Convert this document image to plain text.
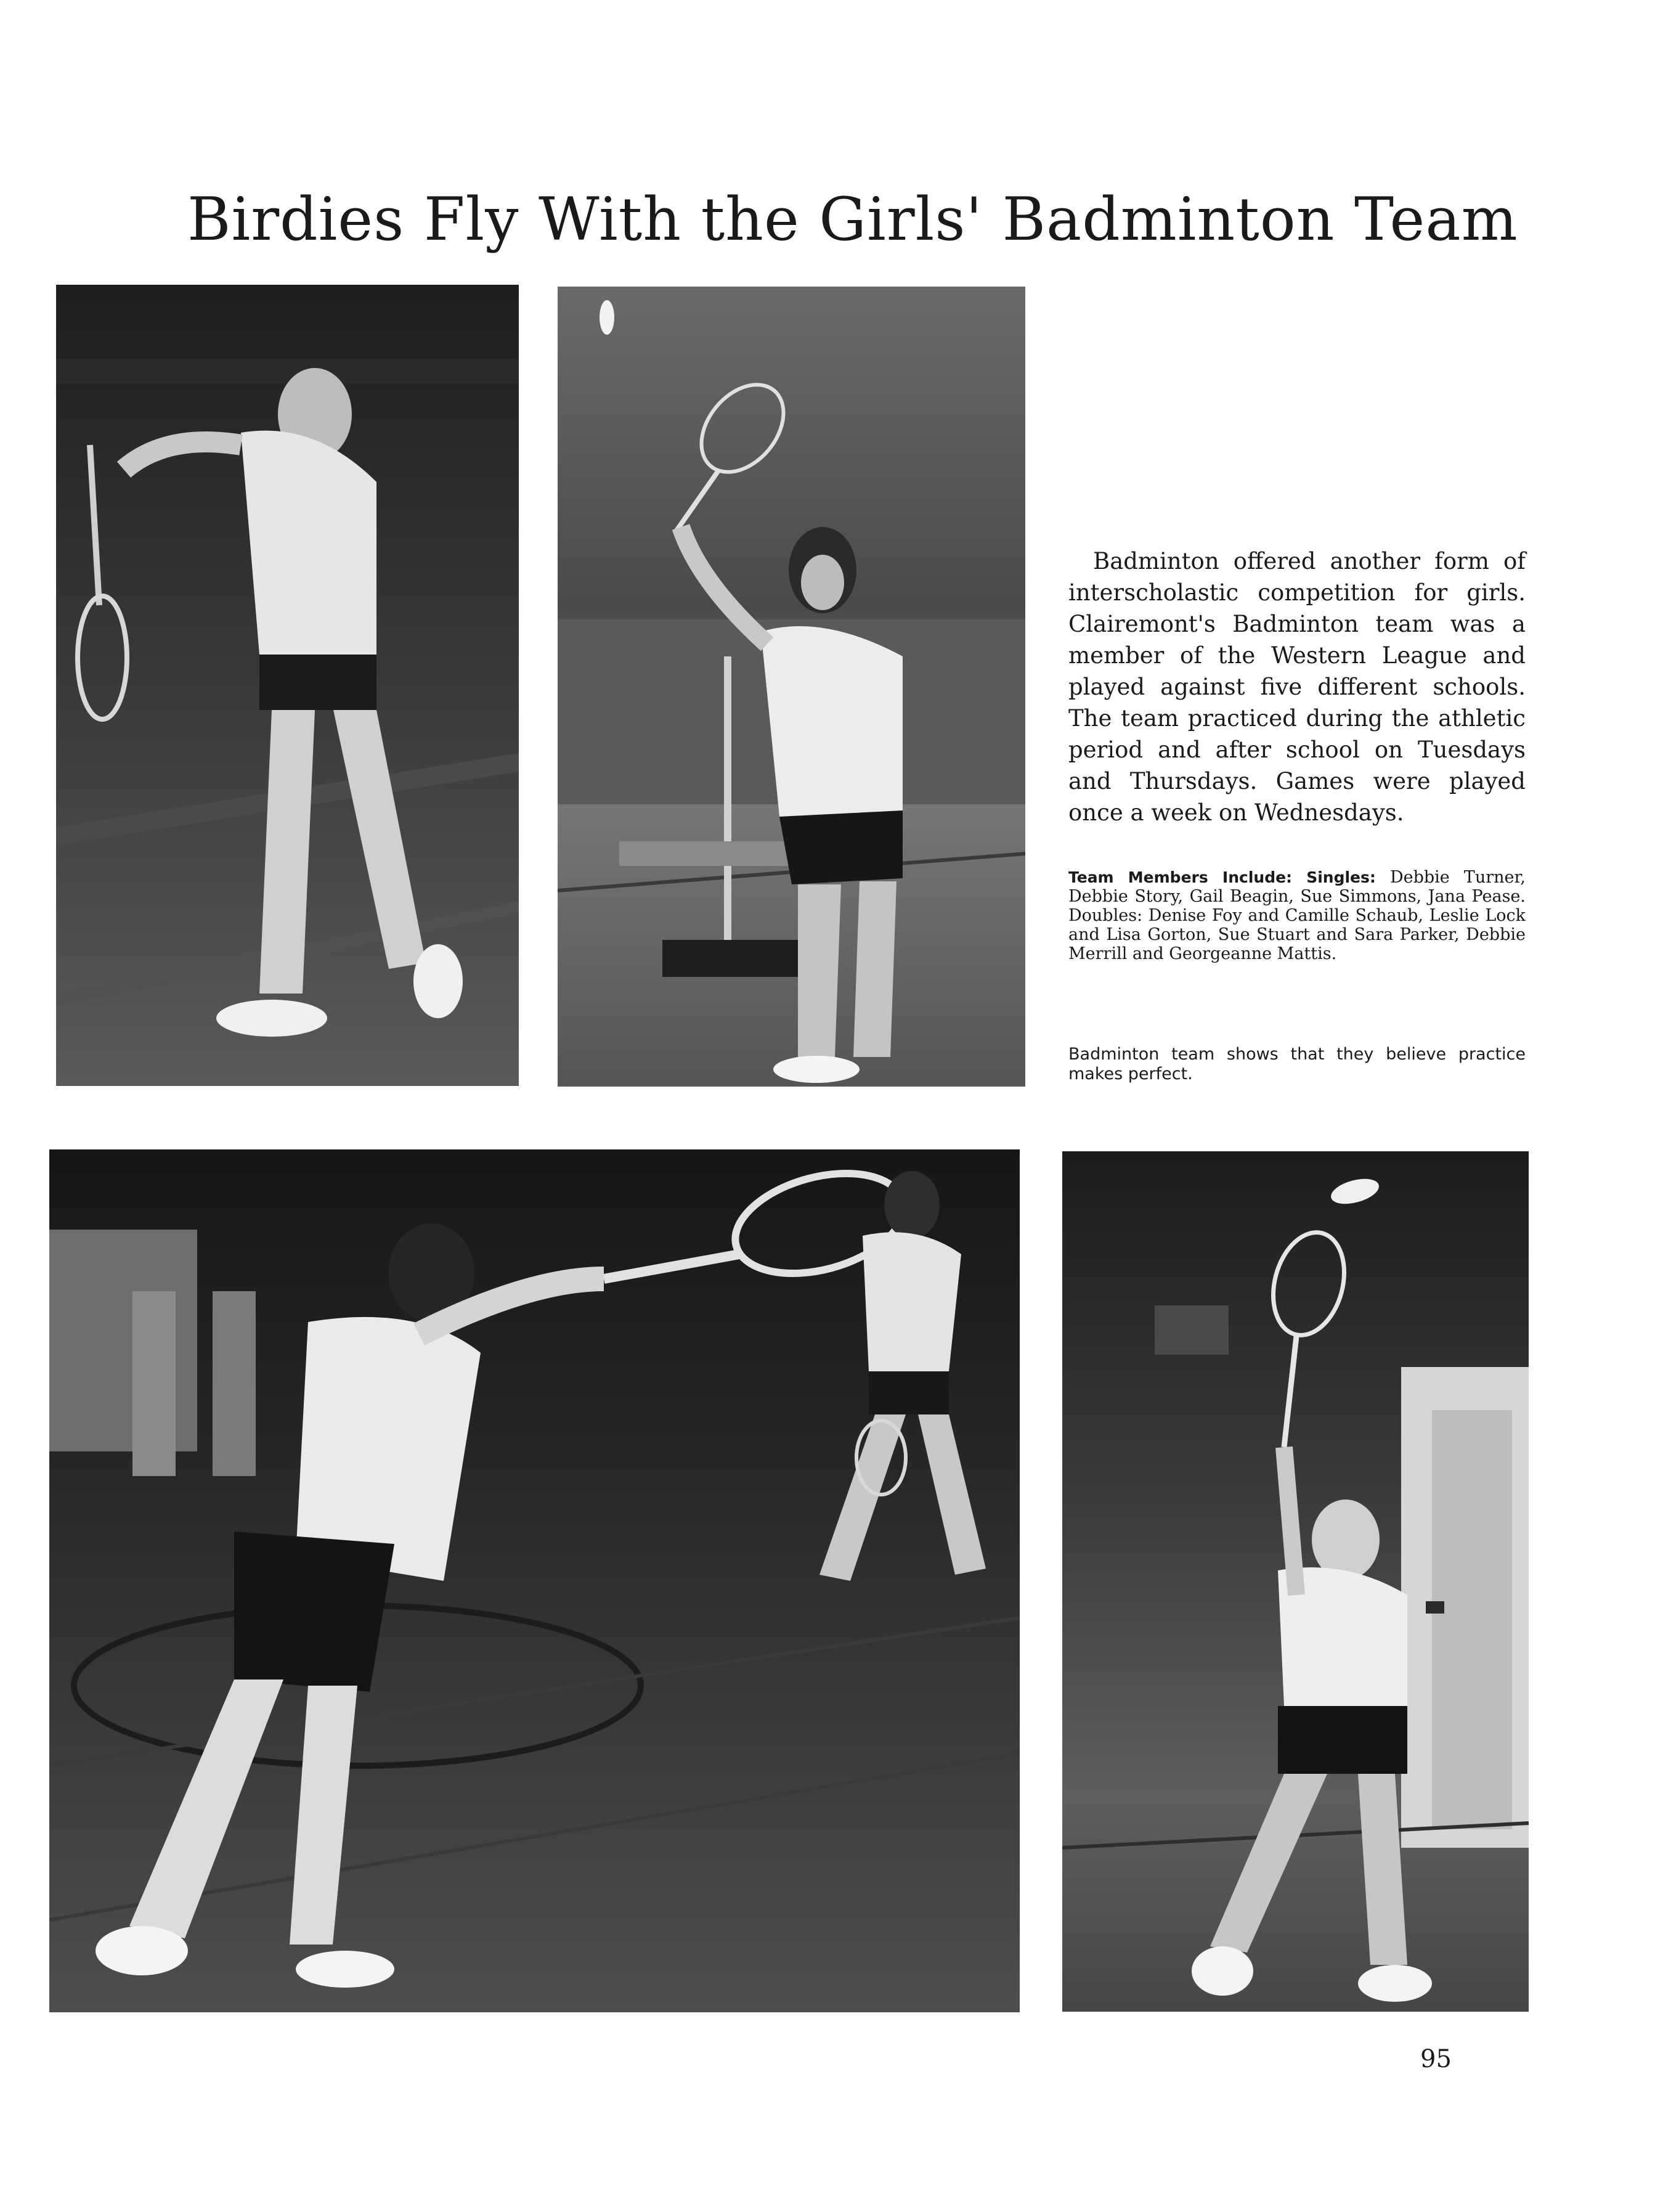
Birdies Fly With the Girls' Badminton Team

Badminton offered another form of interscholastic competition for girls. Clairemont's Badminton team was a member of the Western League and played against five different schools. The team practiced during the athletic period and after school on Tuesdays and Thursdays. Games were played once a week on Wednesdays.

Team Members Include: Singles: Debbie Turner, Debbie Story, Gail Beagin, Sue Simmons, Jana Pease. Doubles: Denise Foy and Camille Schaub, Leslie Lock and Lisa Gorton, Sue Stuart and Sara Parker, Debbie Merrill and Georgeanne Mattis.

Badminton team shows that they believe practice makes perfect.

95
